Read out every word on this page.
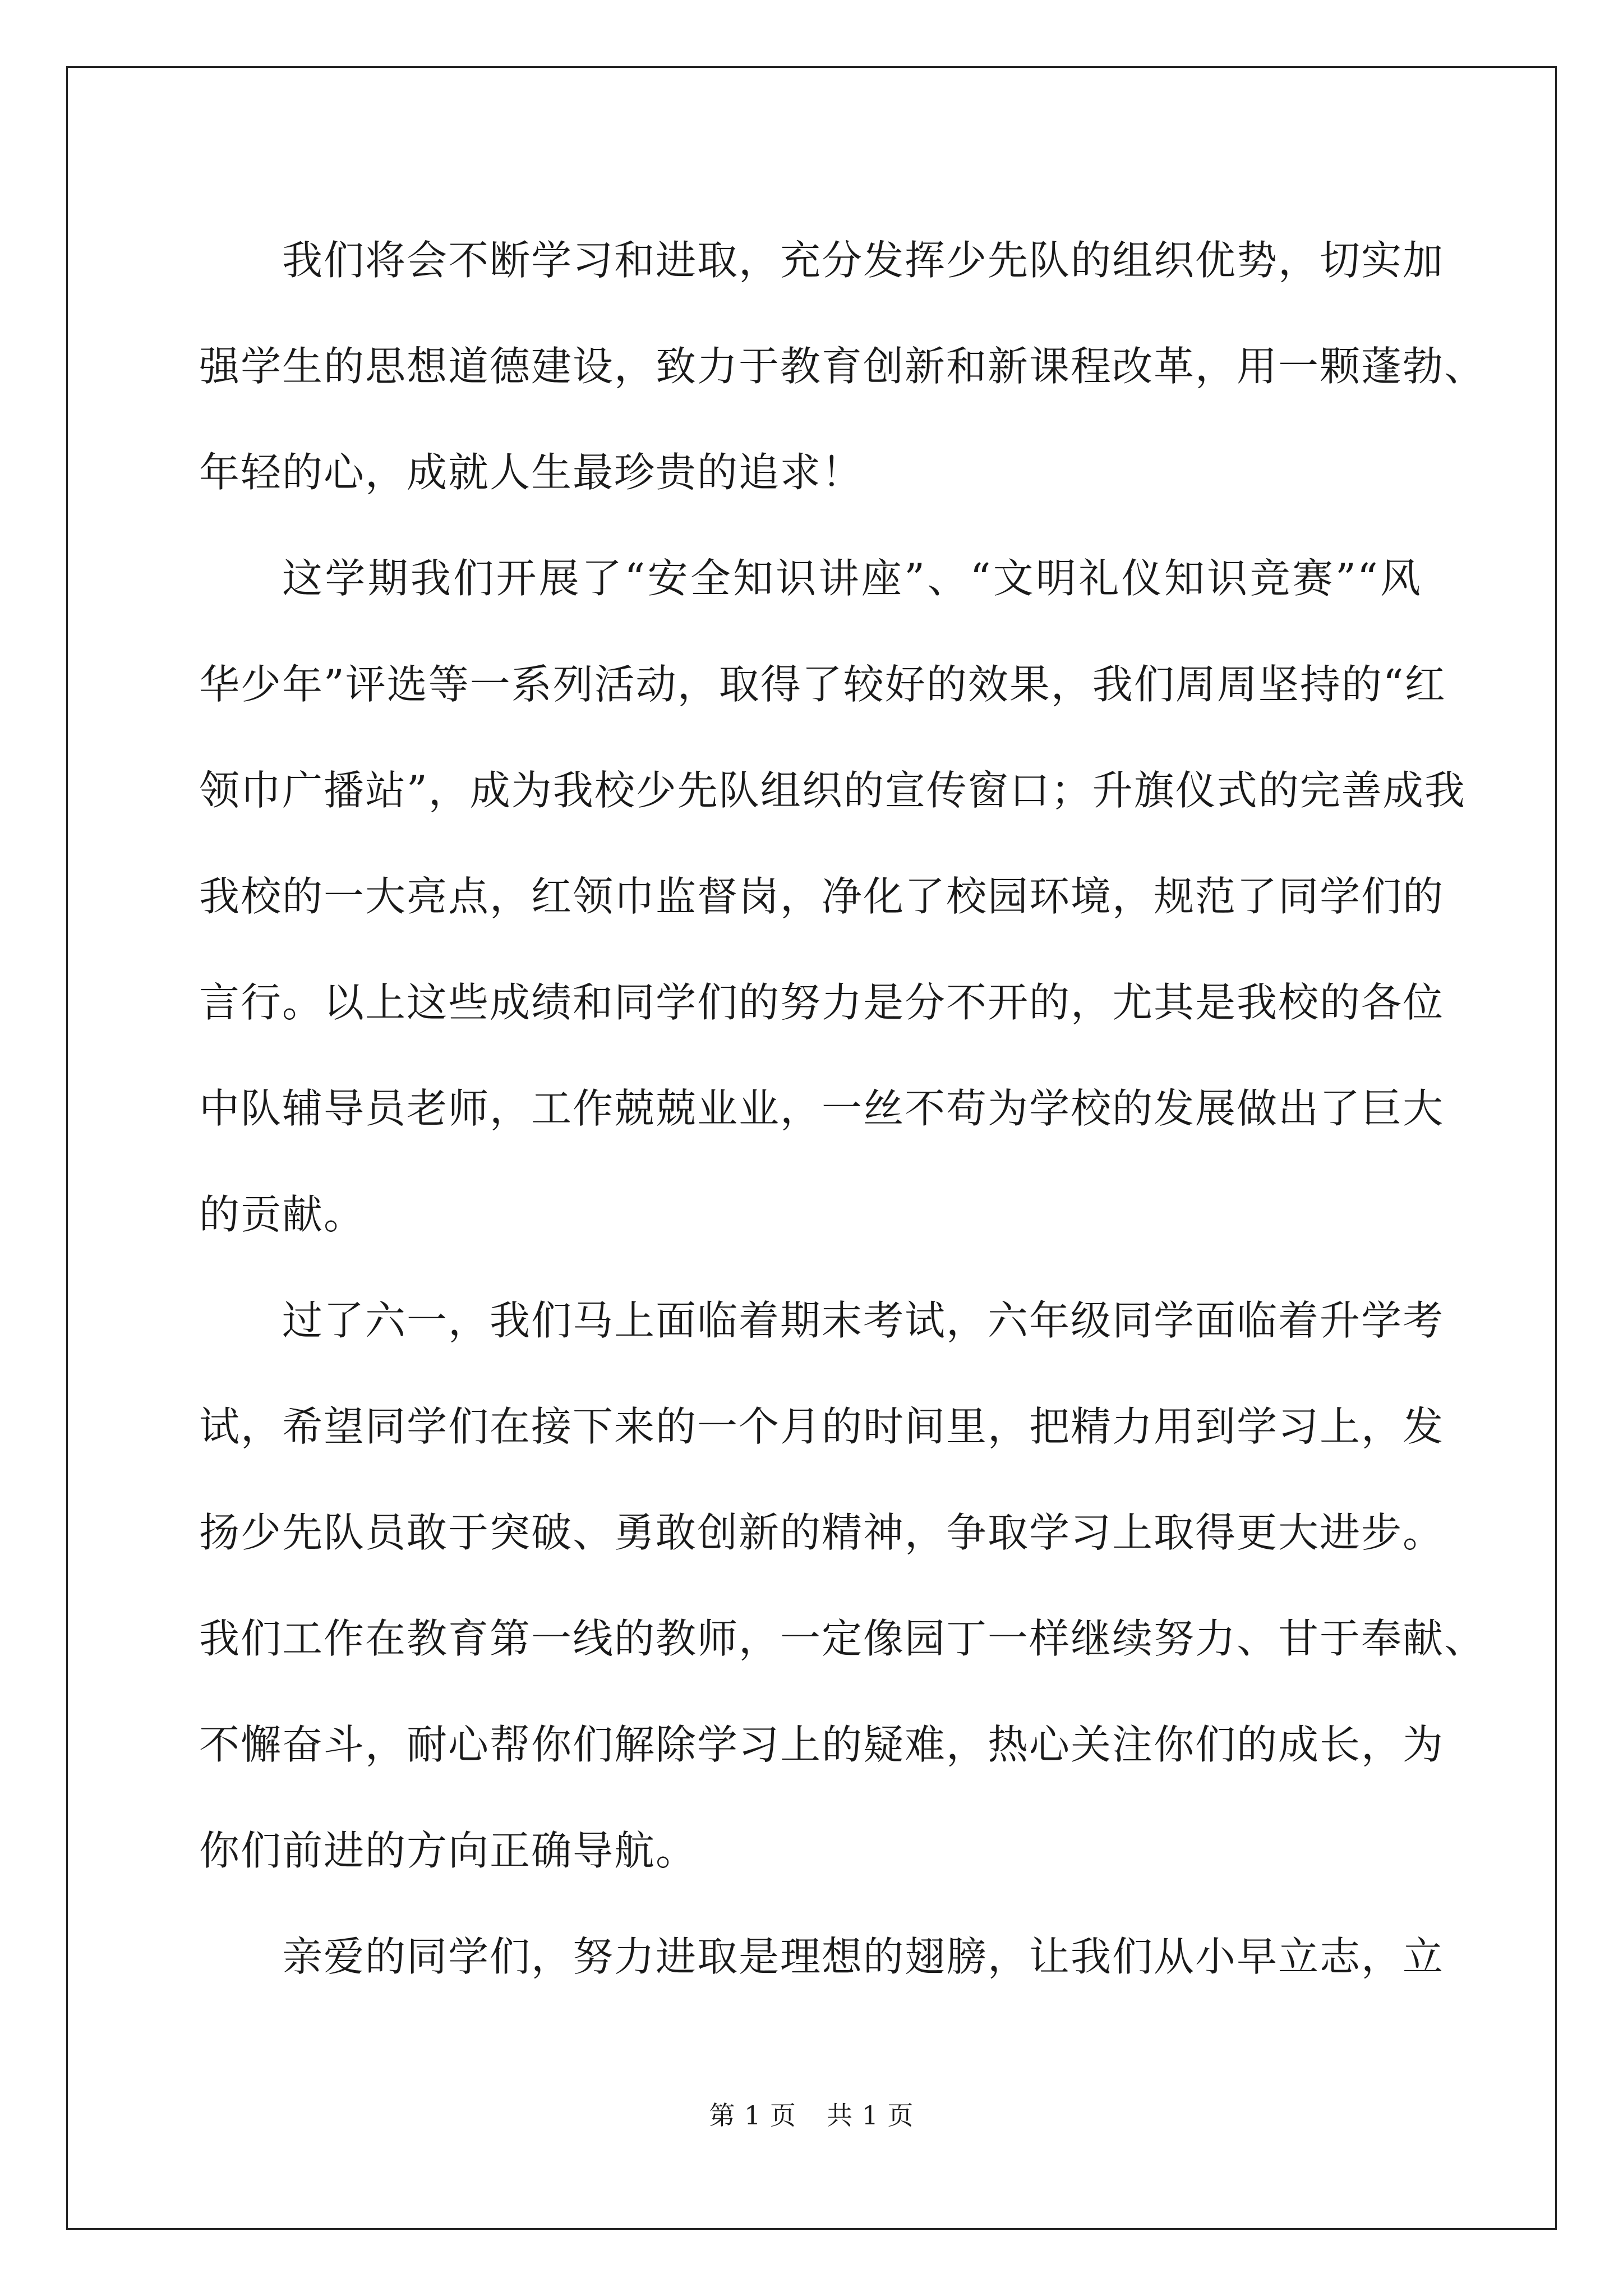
我们将会不断学习和进取，充分发挥少先队的组织优势，切实加
强学生的思想道德建设，致力于教育创新和新课程改革，用一颗蓬勃、
年轻的心，成就人生最珍贵的追求！
这学期我们开展了“安全知识讲座”、“文明礼仪知识竞赛”“风
华少年”评选等一系列活动，取得了较好的效果，我们周周坚持的“红
领巾广播站”，成为我校少先队组织的宣传窗口；升旗仪式的完善成我
我校的一大亮点，红领巾监督岗，净化了校园环境，规范了同学们的
言行。以上这些成绩和同学们的努力是分不开的，尤其是我校的各位
中队辅导员老师，工作兢兢业业，一丝不苟为学校的发展做出了巨大
的贡献。
过了六一，我们马上面临着期末考试，六年级同学面临着升学考
试，希望同学们在接下来的一个月的时间里，把精力用到学习上，发
扬少先队员敢于突破、勇敢创新的精神，争取学习上取得更大进步。
我们工作在教育第一线的教师，一定像园丁一样继续努力、甘于奉献、
不懈奋斗，耐心帮你们解除学习上的疑难，热心关注你们的成长，为
你们前进的方向正确导航。
亲爱的同学们，努力进取是理想的翅膀，让我们从小早立志，立
第 1 页 共 1 页
